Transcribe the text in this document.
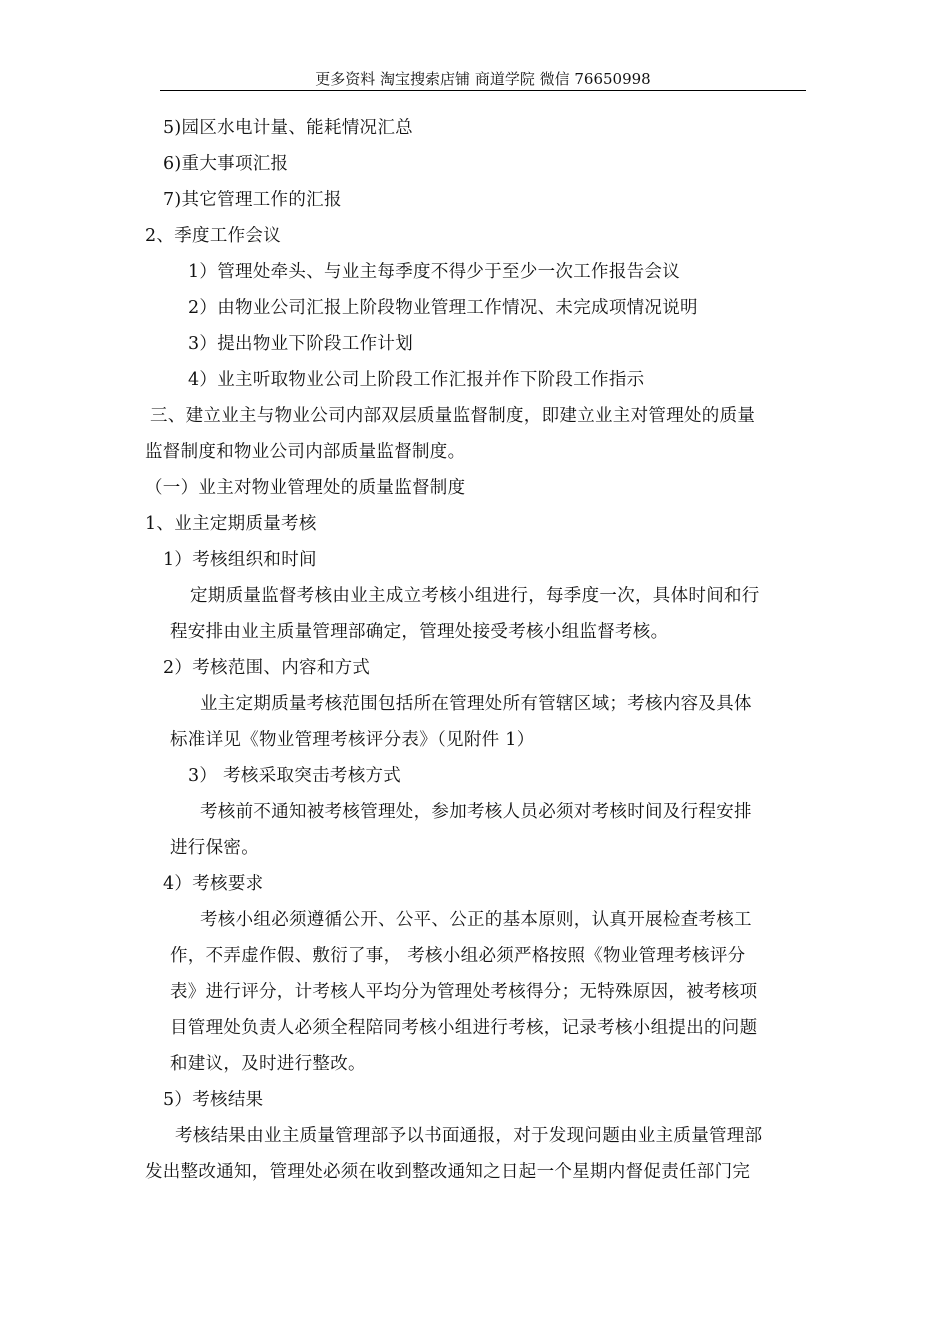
更多资料 淘宝搜索店铺 商道学院 微信 76650998
5)园区水电计量、能耗情况汇总
6)重大事项汇报
7)其它管理工作的汇报
2、季度工作会议
1）管理处牵头、与业主每季度不得少于至少一次工作报告会议
2）由物业公司汇报上阶段物业管理工作情况、未完成项情况说明
3）提出物业下阶段工作计划
4）业主听取物业公司上阶段工作汇报并作下阶段工作指示
三、建立业主与物业公司内部双层质量监督制度，即建立业主对管理处的质量
监督制度和物业公司内部质量监督制度。
（一）业主对物业管理处的质量监督制度
1、业主定期质量考核
1）考核组织和时间
定期质量监督考核由业主成立考核小组进行，每季度一次，具体时间和行
程安排由业主质量管理部确定，管理处接受考核小组监督考核。
2）考核范围、内容和方式
业主定期质量考核范围包括所在管理处所有管辖区域；考核内容及具体
标准详见《物业管理考核评分表》（见附件 1）
3） 考核采取突击考核方式
考核前不通知被考核管理处，参加考核人员必须对考核时间及行程安排
进行保密。
4）考核要求
考核小组必须遵循公开、公平、公正的基本原则，认真开展检查考核工
作，不弄虚作假、敷衍了事， 考核小组必须严格按照《物业管理考核评分
表》进行评分，计考核人平均分为管理处考核得分；无特殊原因，被考核项
目管理处负责人必须全程陪同考核小组进行考核，记录考核小组提出的问题
和建议，及时进行整改。
5）考核结果
考核结果由业主质量管理部予以书面通报，对于发现问题由业主质量管理部
发出整改通知，管理处必须在收到整改通知之日起一个星期内督促责任部门完
